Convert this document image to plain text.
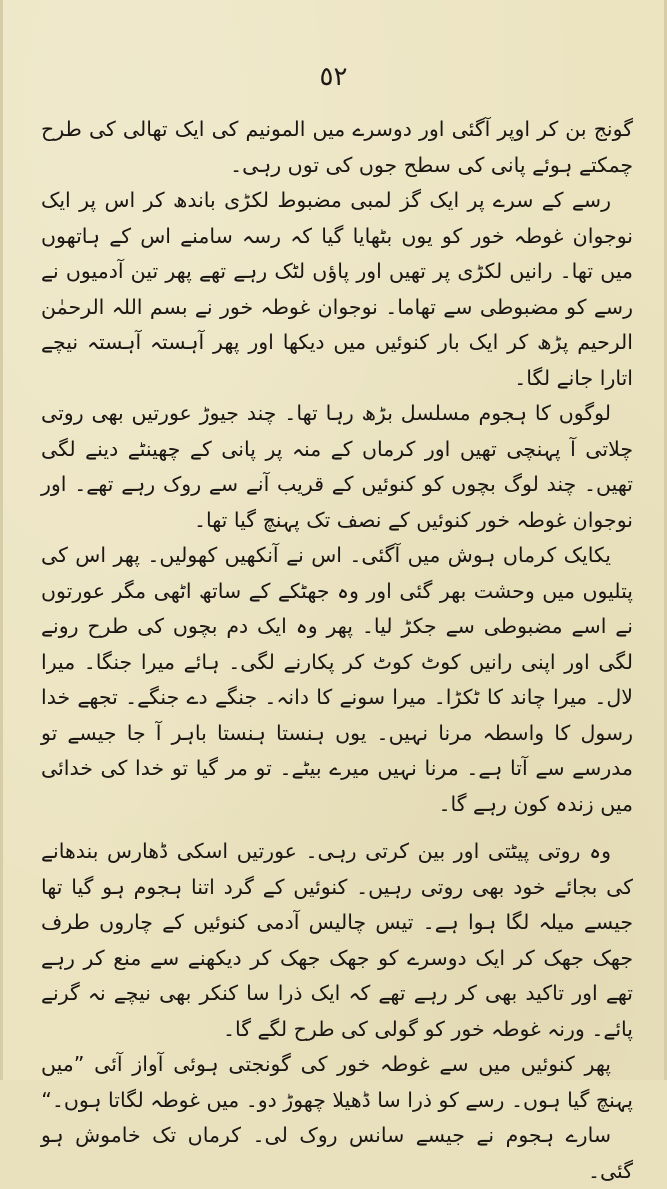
٥٢

گونج بن کر اوپر آگئی اور دوسرے میں المونیم کی ایک تھالی کی طرح چمکتے ہوئے پانی کی سطح جوں کی توں رہی۔

رسے کے سرے پر ایک گز لمبی مضبوط لکڑی باندھ کر اس پر ایک نوجوان غوطہ خور کو یوں بٹھایا گیا کہ رسہ سامنے اس کے ہاتھوں میں تھا۔ رانیں لکڑی پر تھیں اور پاؤں لٹک رہے تھے پھر تین آدمیوں نے رسے کو مضبوطی سے تھاما۔ نوجوان غوطہ خور نے بسم اللہ الرحمٰن الرحیم پڑھ کر ایک بار کنوئیں میں دیکھا اور پھر آہستہ آہستہ نیچے اتارا جانے لگا۔

لوگوں کا ہجوم مسلسل بڑھ رہا تھا۔ چند جیوڑ عورتیں بھی روتی چلاتی آ پہنچی تھیں اور کرماں کے منہ پر پانی کے چھینٹے دینے لگی تھیں۔ چند لوگ بچوں کو کنوئیں کے قریب آنے سے روک رہے تھے۔ اور نوجوان غوطہ خور کنوئیں کے نصف تک پہنچ گیا تھا۔

یکایک کرماں ہوش میں آگئی۔ اس نے آنکھیں کھولیں۔ پھر اس کی پتلیوں میں وحشت بھر گئی اور وہ جھٹکے کے ساتھ اٹھی مگر عورتوں نے اسے مضبوطی سے جکڑ لیا۔ پھر وہ ایک دم بچوں کی طرح رونے لگی اور اپنی رانیں کوٹ کوٹ کر پکارنے لگی۔ ہائے میرا جنگا۔ میرا لال۔ میرا چاند کا ٹکڑا۔ میرا سونے کا دانہ۔ جنگے دے جنگے۔ تجھے خدا رسول کا واسطہ مرنا نہیں۔ یوں ہنستا ہنستا باہر آ جا جیسے تو مدرسے سے آتا ہے۔ مرنا نہیں میرے بیٹے۔ تو مر گیا تو خدا کی خدائی میں زندہ کون رہے گا۔

وہ روتی پیٹتی اور بین کرتی رہی۔ عورتیں اسکی ڈھارس بندھانے کی بجائے خود بھی روتی رہیں۔ کنوئیں کے گرد اتنا ہجوم ہو گیا تھا جیسے میلہ لگا ہوا ہے۔ تیس چالیس آدمی کنوئیں کے چاروں طرف جھک جھک کر ایک دوسرے کو جھک جھک کر دیکھنے سے منع کر رہے تھے اور تاکید بھی کر رہے تھے کہ ایک ذرا سا کنکر بھی نیچے نہ گرنے پائے۔ ورنہ غوطہ خور کو گولی کی طرح لگے گا۔

پھر کنوئیں میں سے غوطہ خور کی گونجتی ہوئی آواز آئی ”میں پہنچ گیا ہوں۔ رسے کو ذرا سا ڈھیلا چھوڑ دو۔ میں غوطہ لگاتا ہوں۔“

سارے ہجوم نے جیسے سانس روک لی۔ کرماں تک خاموش ہو گئی۔
